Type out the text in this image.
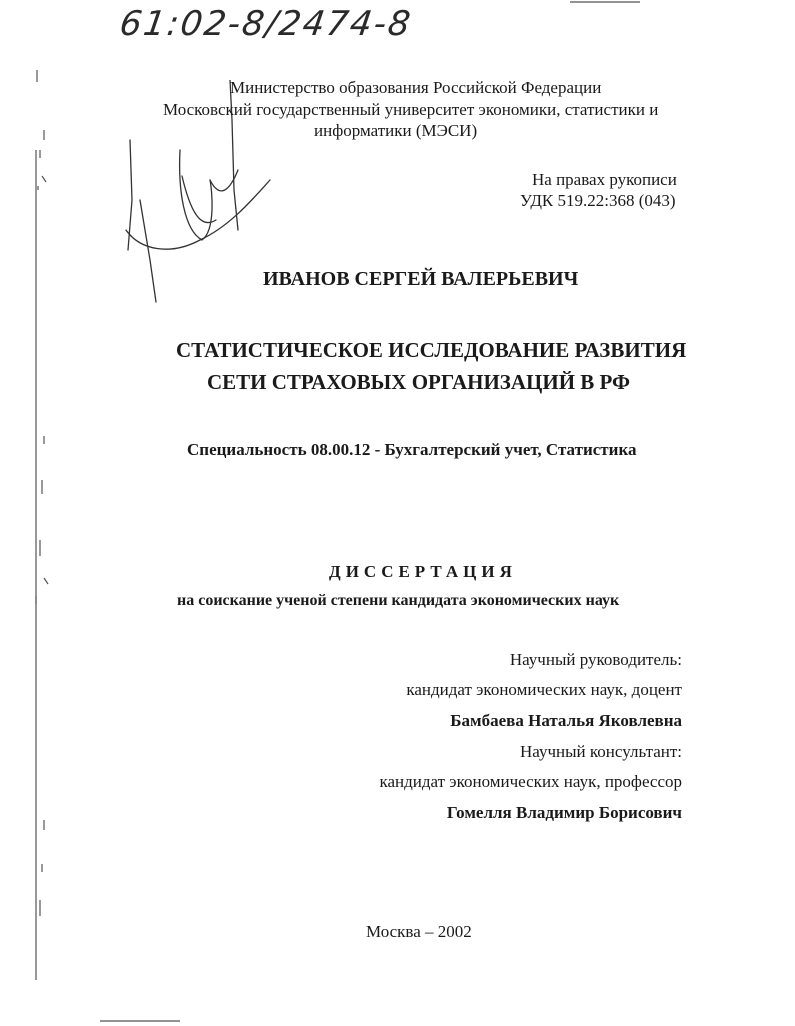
61:02-8/2474-8
Министерство образования Российской Федерации
Московский государственный университет экономики, статистики и
информатики (МЭСИ)
На правах рукописи
УДК 519.22:368 (043)
ИВАНОВ СЕРГЕЙ ВАЛЕРЬЕВИЧ
СТАТИСТИЧЕСКОЕ ИССЛЕДОВАНИЕ РАЗВИТИЯ
СЕТИ СТРАХОВЫХ ОРГАНИЗАЦИЙ В РФ
Специальность 08.00.12 - Бухгалтерский учет, Статистика
ДИССЕРТАЦИЯ
на соискание ученой степени кандидата экономических наук
Научный руководитель:
кандидат экономических наук, доцент
Бамбаева Наталья Яковлевна
Научный консультант:
кандидат экономических наук, профессор
Гомелля Владимир Борисович
Москва – 2002
